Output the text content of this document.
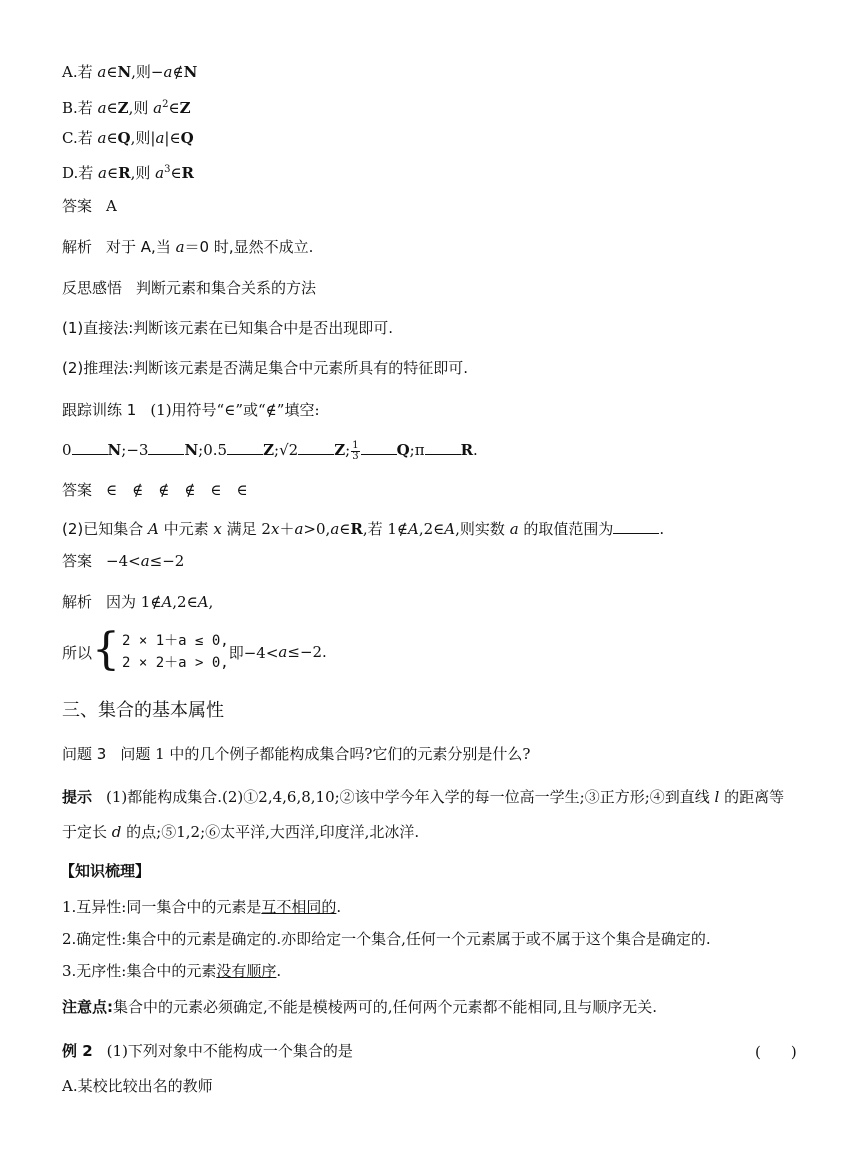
A.若 a∈N,则−a∉N
B.若 a∈Z,则 $a^2\in Z$
C.若 a∈Q,则|a|∈Q
D.若 a∈R,则 $a^3\in R$
答案 A
解析 对于 A,当 a＝0 时,显然不成立.
反思感悟 判断元素和集合关系的方法
(1)直接法:判断该元素在已知集合中是否出现即可.
(2)推理法:判断该元素是否满足集合中元素所具有的特征即可.
跟踪训练 1 (1)用符号“∈”或“∉”填空:
0 N;−3 N;0.5 Z;√2 Z; $\frac{1}{3}$ Q;π R.
答案 ∈　∉　∉　∉　∈　∈
(2)已知集合 A 中元素 x 满足 2x＋a>0,a∈R,若 1∉A,2∈A,则实数 a 的取值范围为	.
答案 −4<a≤−2
解析 因为 1∉A,2∈A,
所以 { 2 × 1＋a ≤ 0,
2 × 2＋a > 0,
即−4< a ≤−2.
三、集合的基本属性
问题 3 问题 1 中的几个例子都能构成集合吗?它们的元素分别是什么?
提示 (1)都能构成集合.(2)①2,4,6,8,10;②该中学今年入学的每一位高一学生;③正方形;④到直线 l 的距离等
于定长 d 的点;⑤1,2;⑥太平洋,大西洋,印度洋,北冰洋.
【知识梳理】
1.互异性:同一集合中的元素是互不相同的.
2.确定性:集合中的元素是确定的.亦即给定一个集合,任何一个元素属于或不属于这个集合是确定的.
3.无序性:集合中的元素没有顺序.
注意点:集合中的元素必须确定,不能是模棱两可的,任何两个元素都不能相同,且与顺序无关.
例 2 (1)下列对象中不能构成一个集合的是	(　　)
A.某校比较出名的教师
